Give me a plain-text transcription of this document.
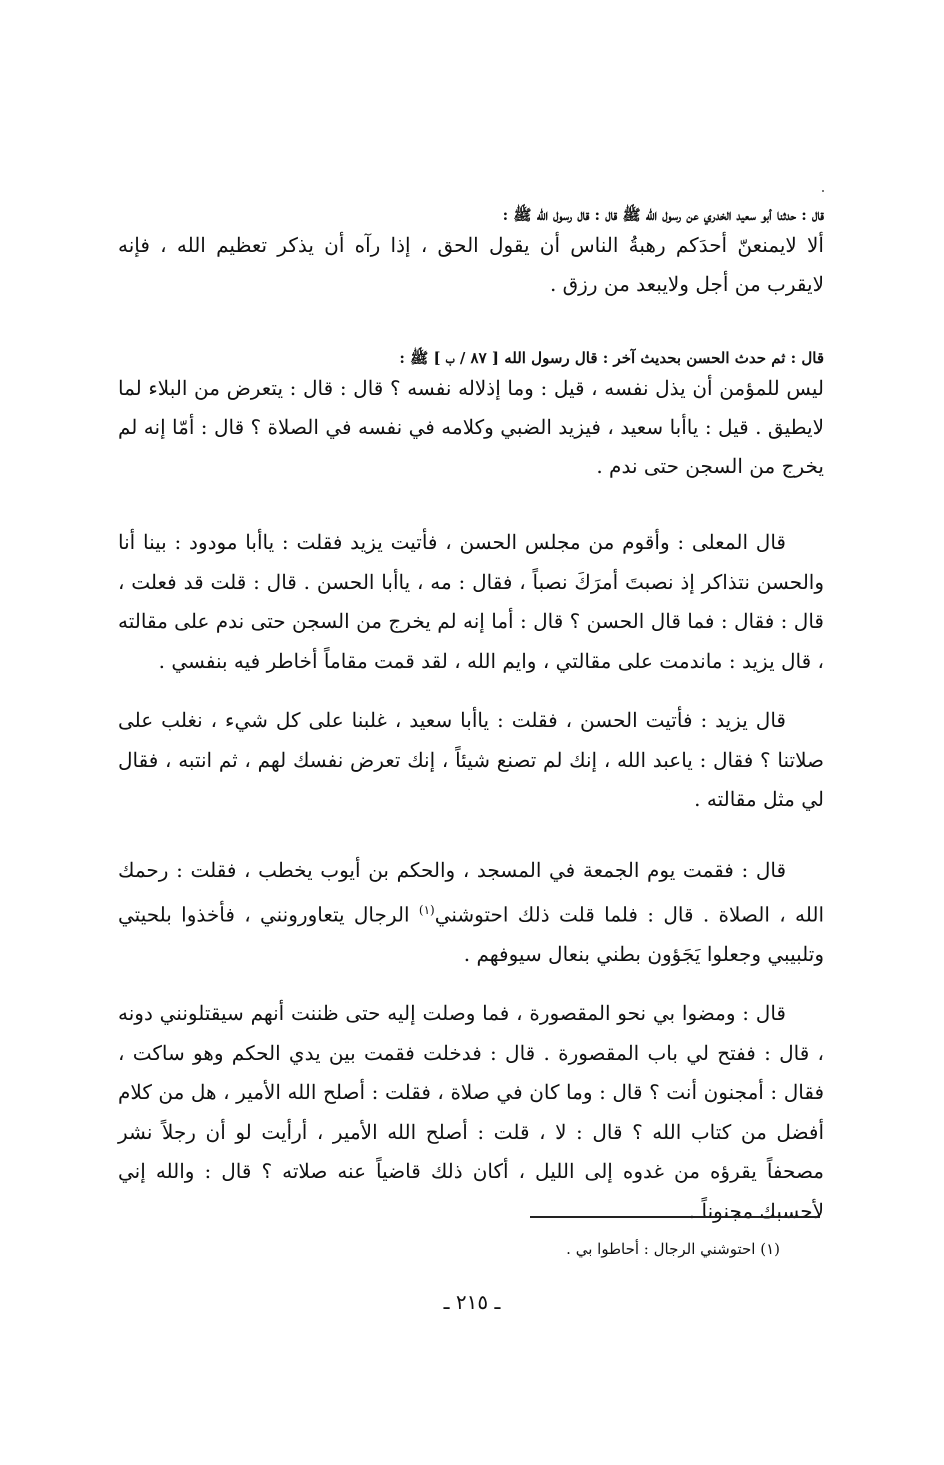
قال : حدثنا أبو سعيد الخدري عن رسول الله ﷺ قال : قال رسول الله ﷺ :
ألا لايمنعنّ أحدَكم رهبةُ الناس أن يقول الحق ، إذا رآه أن يذكر تعظيم الله ، فإنه لايقرب من أجل ولايبعد من رزق .
قال : ثم حدث الحسن بحديث آخر : قال رسول الله [ ٨٧ / ب ] ﷺ :
ليس للمؤمن أن يذل نفسه ، قيل : وما إذلاله نفسه ؟ قال : قال : يتعرض من البلاء لما لايطيق . قيل : ياأبا سعيد ، فيزيد الضبي وكلامه في نفسه في الصلاة ؟ قال : أمّا إنه لم يخرج من السجن حتى ندم .
قال المعلى : وأقوم من مجلس الحسن ، فأتيت يزيد فقلت : ياأبا مودود : بينا أنا والحسن نتذاكر إذ نصبتَ أمرَكَ نصباً ، فقال : مه ، ياأبا الحسن . قال : قلت قد فعلت ، قال : فقال : فما قال الحسن ؟ قال : أما إنه لم يخرج من السجن حتى ندم على مقالته ، قال يزيد : ماندمت على مقالتي ، وايم الله ، لقد قمت مقاماً أخاطر فيه بنفسي .
قال يزيد : فأتيت الحسن ، فقلت : ياأبا سعيد ، غلبنا على كل شيء ، نغلب على صلاتنا ؟ فقال : ياعبد الله ، إنك لم تصنع شيئاً ، إنك تعرض نفسك لهم ، ثم انتبه ، فقال لي مثل مقالته .
قال : فقمت يوم الجمعة في المسجد ، والحكم بن أيوب يخطب ، فقلت : رحمك الله ، الصلاة . قال : فلما قلت ذلك احتوشني$^{(١)}$ الرجال يتعاورونني ، فأخذوا بلحيتي وتلبيبي وجعلوا يَجَؤون بطني بنعال سيوفهم .
قال : ومضوا بي نحو المقصورة ، فما وصلت إليه حتى ظننت أنهم سيقتلونني دونه ، قال : ففتح لي باب المقصورة . قال : فدخلت فقمت بين يدي الحكم وهو ساكت ، فقال : أمجنون أنت ؟ قال : وما كان في صلاة ، فقلت : أصلح الله الأمير ، هل من كلام أفضل من كتاب الله ؟ قال : لا ، قلت : أصلح الله الأمير ، أرأيت لو أن رجلاً نشر مصحفاً يقرؤه من غدوه إلى الليل ، أكان ذلك قاضياً عنه صلاته ؟ قال : والله إني لأحسبك مجنوناً .
(١) احتوشني الرجال : أحاطوا بي .
ـ ٢١٥ ـ
